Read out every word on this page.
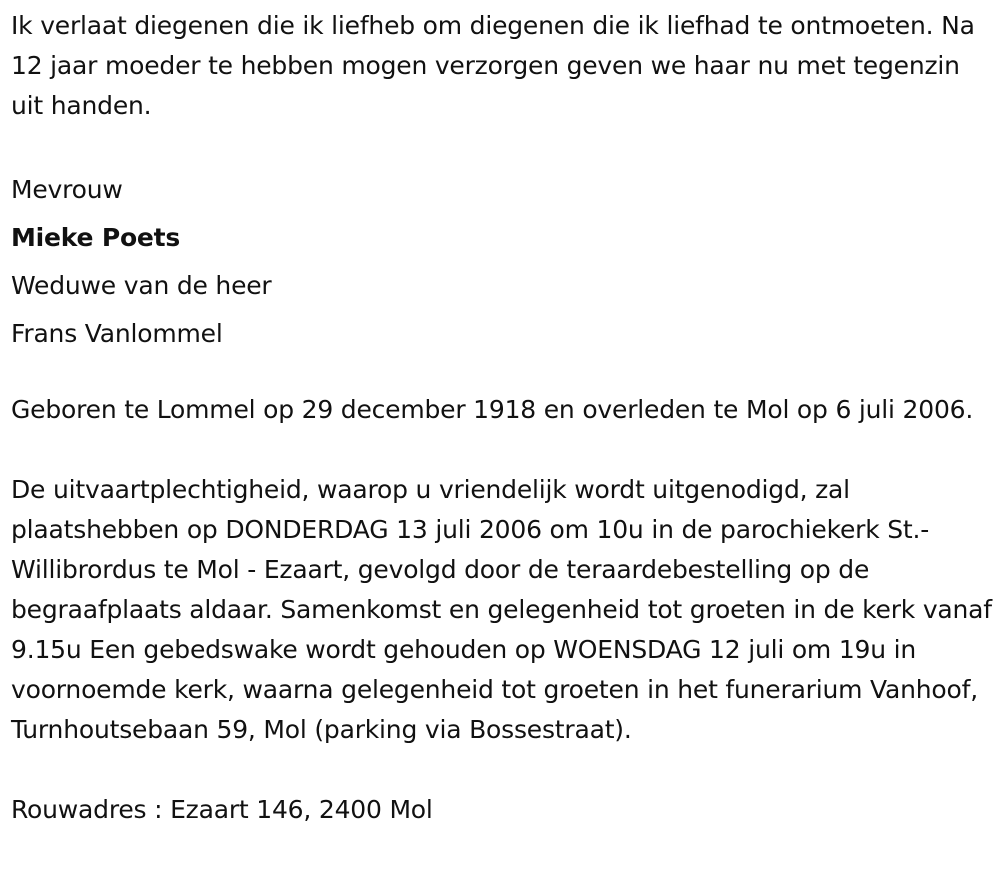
Ik verlaat diegenen die ik liefheb om diegenen die ik liefhad te ontmoeten. Na 12 jaar moeder te hebben mogen verzorgen geven we haar nu met tegenzin uit handen.

Mevrouw
Mieke Poets
Weduwe van de heer
Frans Vanlommel

Geboren te Lommel op 29 december 1918 en overleden te Mol op 6 juli 2006.

De uitvaartplechtigheid, waarop u vriendelijk wordt uitgenodigd, zal plaatshebben op DONDERDAG 13 juli 2006 om 10u in de parochiekerk St.-Willibrordus te Mol - Ezaart, gevolgd door de teraardebestelling op de begraafplaats aldaar. Samenkomst en gelegenheid tot groeten in de kerk vanaf 9.15u Een gebedswake wordt gehouden op WOENSDAG 12 juli om 19u in voornoemde kerk, waarna gelegenheid tot groeten in het funerarium Vanhoof, Turnhoutsebaan 59, Mol (parking via Bossestraat).

Rouwadres : Ezaart 146, 2400 Mol
